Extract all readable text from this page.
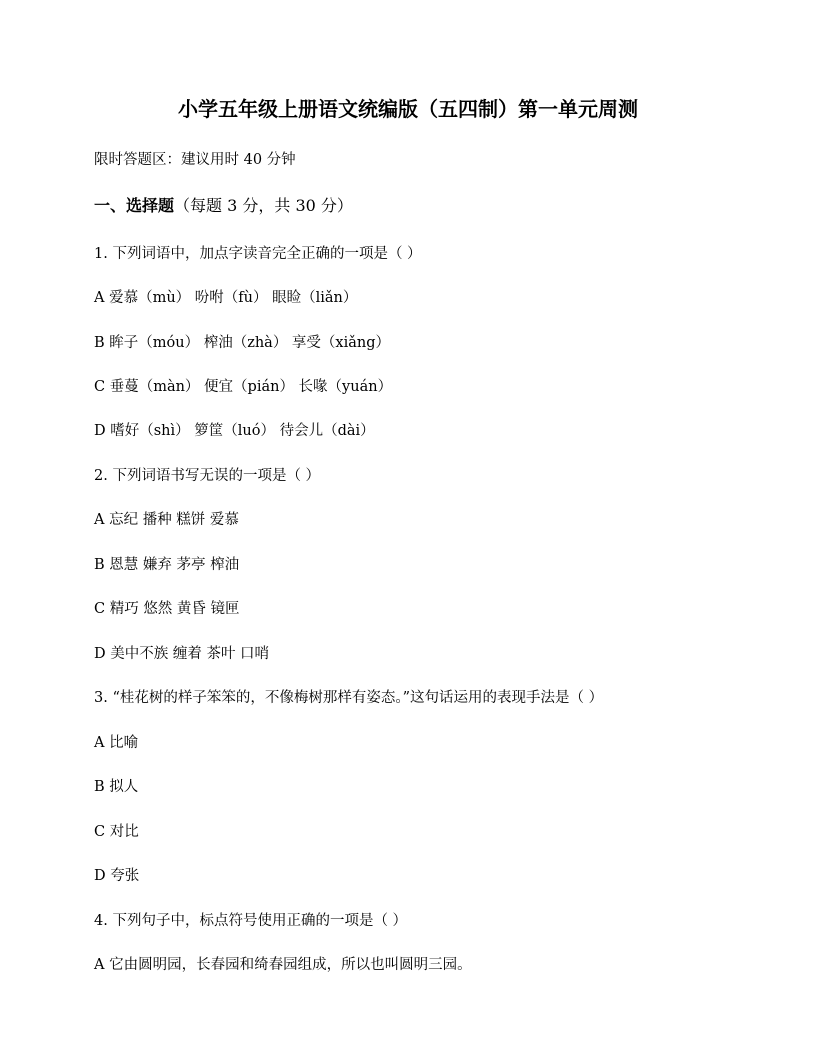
小学五年级上册语文统编版（五四制）第一单元周测
限时答题区：建议用时 40 分钟
一、选择题（每题 3 分，共 30 分）
1. 下列词语中，加点字读音完全正确的一项是（ ）
A 爱慕（mù） 吩咐（fù） 眼睑（liǎn）
B 眸子（móu） 榨油（zhà） 享受（xiǎng）
C 垂蔓（màn） 便宜（pián） 长喙（yuán）
D 嗜好（shì） 箩筐（luó） 待会儿（dài）
2. 下列词语书写无误的一项是（ ）
A 忘纪 播种 糕饼 爱慕
B 恩慧 嫌弃 茅亭 榨油
C 精巧 悠然 黄昏 镜匣
D 美中不族 缠着 茶叶 口哨
3. “桂花树的样子笨笨的，不像梅树那样有姿态。”这句话运用的表现手法是（ ）
A 比喻
B 拟人
C 对比
D 夸张
4. 下列句子中，标点符号使用正确的一项是（ ）
A 它由圆明园，长春园和绮春园组成，所以也叫圆明三园。
